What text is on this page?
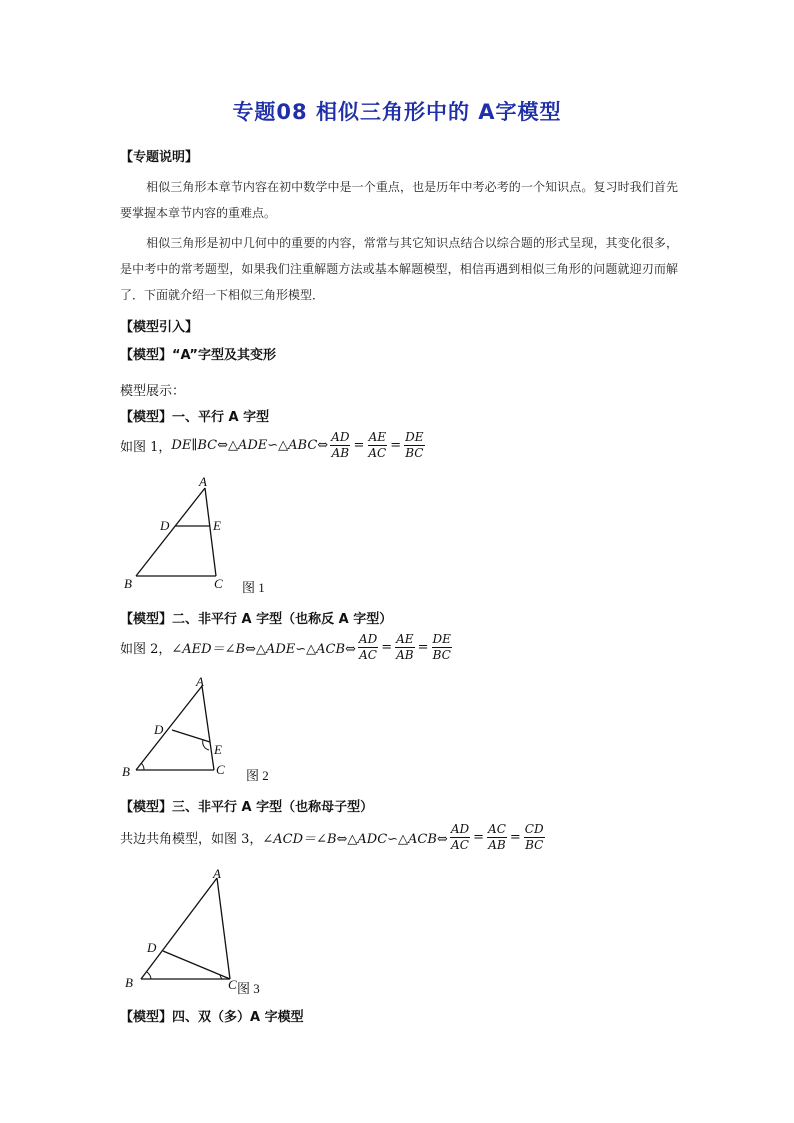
专题08 相似三角形中的 A字模型
【专题说明】
相似三角形本章节内容在初中数学中是一个重点，也是历年中考必考的一个知识点。复习时我们首先要掌握本章节内容的重难点。
相似三角形是初中几何中的重要的内容，常常与其它知识点结合以综合题的形式呈现，其变化很多，是中考中的常考题型，如果我们注重解题方法或基本解题模型，相信再遇到相似三角形的问题就迎刃而解了．下面就介绍一下相似三角形模型．
【模型引入】
【模型】“A”字型及其变形
模型展示：
【模型】一、平行 A 字型
如图 1， DE∥BC⇔△ADE∽△ABC⇔ $\frac{AD}{AB} = \frac{AE}{AC} = \frac{DE}{BC}$
A
D	E
B	C 图 1
【模型】二、非平行 A 字型（也称反 A 字型）
如图 2， ∠AED＝∠B⇔△ADE∽△ACB⇔ $\frac{AD}{AC} = \frac{AE}{AB} = \frac{DE}{BC}$
A
D
E
B	C 图 2
【模型】三、非平行 A 字型（也称母子型）
共边共角模型，如图 3， ∠ACD＝∠B⇔△ADC∽△ACB⇔ $\frac{AD}{AC} = \frac{AC}{AB} = \frac{CD}{BC}$
A
D
B	C 图 3
【模型】四、双（多）A 字模型
